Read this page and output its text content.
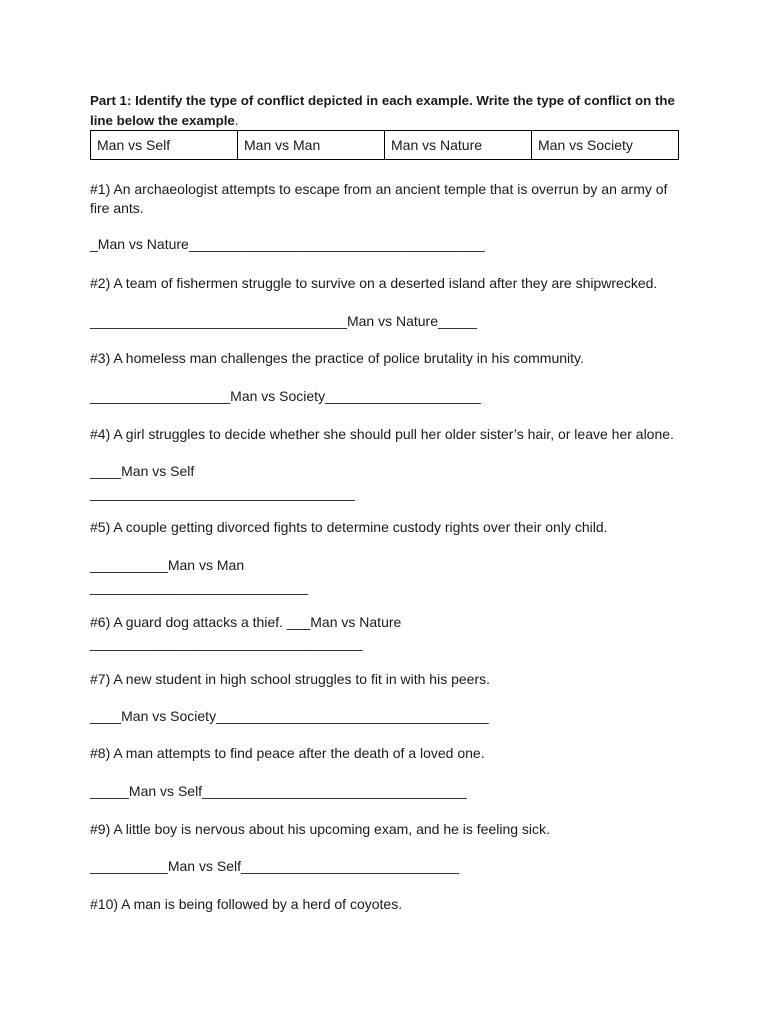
Part 1: Identify the type of conflict depicted in each example. Write the type of conflict on the line below the example.
Man vs Self	Man vs Man	Man vs Nature	Man vs Society
#1) An archaeologist attempts to escape from an ancient temple that is overrun by an army of fire ants.
_Man vs Nature______________________________________
#2) A team of fishermen struggle to survive on a deserted island after they are shipwrecked.
_________________________________Man vs Nature_____
#3) A homeless man challenges the practice of police brutality in his community.
__________________Man vs Society____________________
#4) A girl struggles to decide whether she should pull her older sister’s hair, or leave her alone.
____Man vs Self
__________________________________
#5) A couple getting divorced fights to determine custody rights over their only child.
__________Man vs Man
____________________________
#6) A guard dog attacks a thief. ___Man vs Nature
___________________________________
#7) A new student in high school struggles to fit in with his peers.
____Man vs Society___________________________________
#8) A man attempts to find peace after the death of a loved one.
_____Man vs Self__________________________________
#9) A little boy is nervous about his upcoming exam, and he is feeling sick.
__________Man vs Self____________________________
#10) A man is being followed by a herd of coyotes.
